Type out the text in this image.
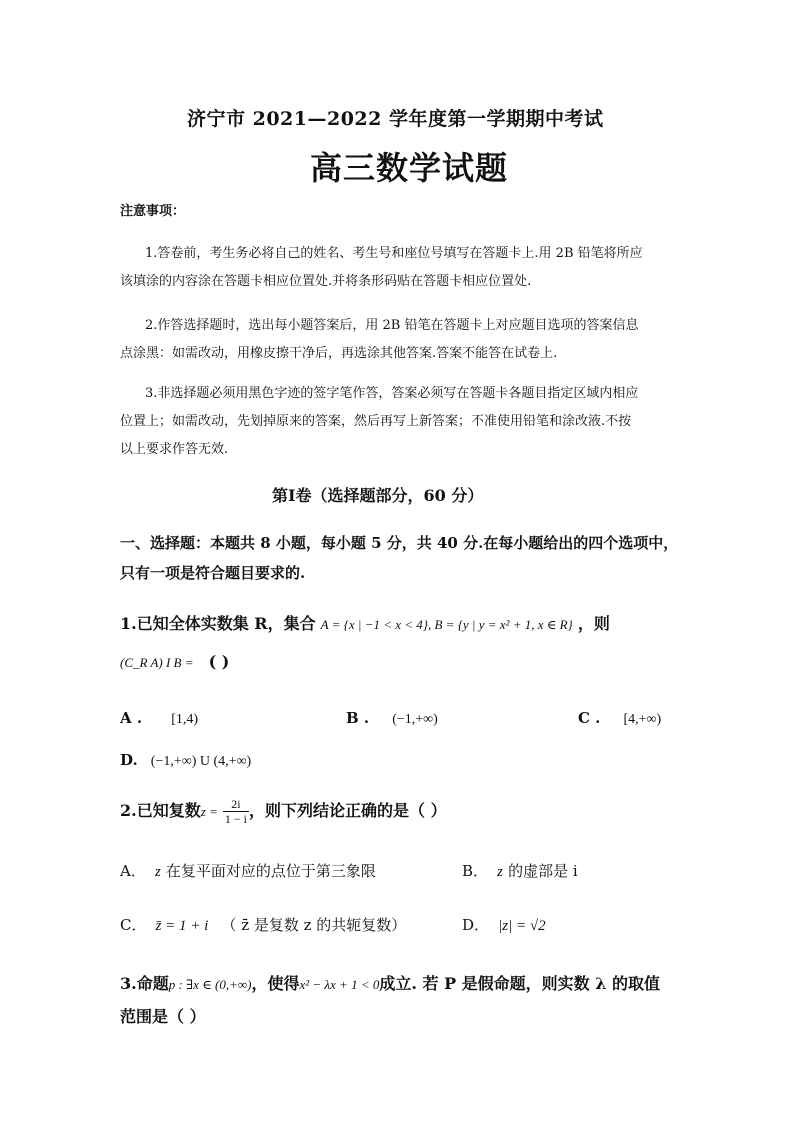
济宁市 2021—2022 学年度第一学期期中考试
高三数学试题
注意事项：
1.答卷前，考生务必将自己的姓名、考生号和座位号填写在答题卡上.用 2B 铅笔将所应
该填涂的内容涂在答题卡相应位置处.并将条形码贴在答题卡相应位置处.
2.作答选择题时，选出每小题答案后，用 2B 铅笔在答题卡上对应题目选项的答案信息
点涂黑：如需改动，用橡皮擦干净后，再选涂其他答案.答案不能答在试卷上.
3.非选择题必须用黑色字迹的签字笔作答，答案必须写在答题卡各题目指定区域内相应
位置上；如需改动，先划掉原来的答案，然后再写上新答案；不准使用铅笔和涂改液.不按
以上要求作答无效.
第Ⅰ卷（选择题部分，60 分）
一、选择题：本题共 8 小题，每小题 5 分，共 40 分.在每小题给出的四个选项中，
只有一项是符合题目要求的.
1.已知全体实数集 R，集合 A = {x | −1 < x < 4}, B = {y | y = x² + 1, x ∈ R} ，则
(C_R A) I B = ( )
A . [1,4)	B . (−1,+∞)	C . [4,+∞)
D. (−1,+∞) U (4,+∞)
2.已知复数$z = \frac{2i}{1 - i}$ ，则下列结论正确的是（ ）
A． z 在复平面对应的点位于第三象限	B． z 的虚部是 i
C． z̄ = 1 + i （ z̄ 是复数 z 的共轭复数）	D． |z| = √2
3.命题p : ∃x ∈ (0,+∞)，使得x² − λx + 1 < 0成立. 若 P 是假命题，则实数 λ 的取值
范围是（ ）
